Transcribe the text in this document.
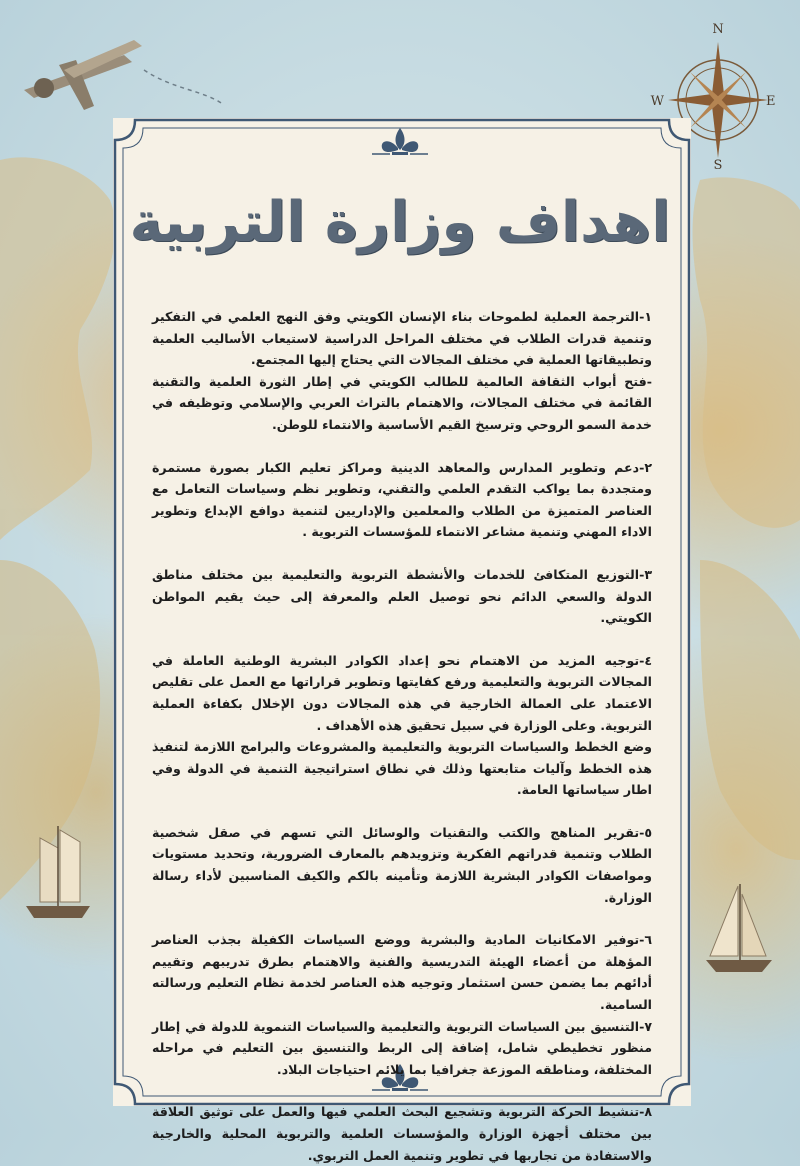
N
E
S
W
اهداف وزارة التربية

١-الترجمة العملية لطموحات بناء الإنسان الكويتي وفق النهج العلمي في التفكير وتنمية قدرات الطلاب في مختلف المراحل الدراسية لاستيعاب الأساليب العلمية وتطبيقاتها العملية في مختلف المجالات التي يحتاج إليها المجتمع.

-فتح أبواب الثقافة العالمية للطالب الكويتي في إطار الثورة العلمية والتقنية القائمة في مختلف المجالات، والاهتمام بالتراث العربي والإسلامي وتوظيفه في خدمة السمو الروحي وترسيخ القيم الأساسية والانتماء للوطن.

٢-دعم وتطوير المدارس والمعاهد الدينية ومراكز تعليم الكبار بصورة مستمرة ومتجددة بما يواكب التقدم العلمي والتقني، وتطوير نظم وسياسات التعامل مع العناصر المتميزة من الطلاب والمعلمين والإداريين لتنمية دوافع الإبداع وتطوير الاداء المهني وتنمية مشاعر الانتماء للمؤسسات التربوية .

٣-التوزيع المتكافئ للخدمات والأنشطة التربوية والتعليمية بين مختلف مناطق الدولة والسعي الدائم نحو توصيل العلم والمعرفة إلى حيث يقيم المواطن الكويتي.

٤-توجيه المزيد من الاهتمام نحو إعداد الكوادر البشرية الوطنية العاملة في المجالات التربوية والتعليمية ورفع كفايتها وتطوير قراراتها مع العمل على تقليص الاعتماد على العمالة الخارجية في هذه المجالات دون الإخلال بكفاءة العملية التربوية. وعلى الوزارة في سبيل تحقيق هذه الأهداف .

وضع الخطط والسياسات التربوية والتعليمية والمشروعات والبرامج اللازمة لتنفيذ هذه الخطط وآليات متابعتها وذلك في نطاق استراتيجية التنمية في الدولة وفي اطار سياساتها العامة.

٥-تقرير المناهج والكتب والتقنيات والوسائل التي تسهم في صقل شخصية الطلاب وتنمية قدراتهم الفكرية وتزويدهم بالمعارف الضرورية، وتحديد مستويات ومواصفات الكوادر البشرية اللازمة وتأمينه بالكم والكيف المناسبين لأداء رسالة الوزارة.

٦-توفير الامكانيات المادية والبشرية ووضع السياسات الكفيلة بجذب العناصر المؤهلة من أعضاء الهيئة التدريسية والفنية والاهتمام بطرق تدريبهم وتقييم أدائهم بما يضمن حسن استثمار وتوجيه هذه العناصر لخدمة نظام التعليم ورسالته السامية.

٧-التنسيق بين السياسات التربوية والتعليمية والسياسات التنموية للدولة في إطار منظور تخطيطي شامل، إضافة إلى الربط والتنسيق بين التعليم في مراحله المختلفة، ومناطقه الموزعة جغرافيا بما يلائم احتياجات البلاد.

٨-تنشيط الحركة التربوية وتشجيع البحث العلمي فيها والعمل على توثيق العلاقة بين مختلف أجهزة الوزارة والمؤسسات العلمية والتربوية المحلية والخارجية والاستفادة من تجاربها في تطوير وتنمية العمل التربوي.
